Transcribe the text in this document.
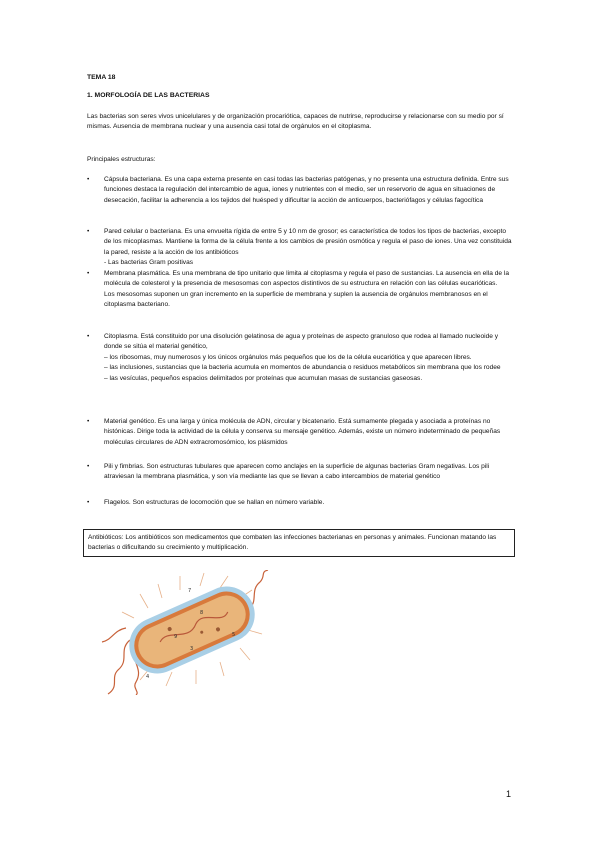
TEMA 18
1. MORFOLOGÍA DE LAS BACTERIAS
Las bacterias son seres vivos unicelulares y de organización procariótica, capaces de nutrirse, reproducirse y relacionarse con su medio por sí mismas. Ausencia de membrana nuclear y una ausencia casi total de orgánulos en el citoplasma.
Principales estructuras:
• Cápsula bacteriana. Es una capa externa presente en casi todas las bacterias patógenas, y no presenta una estructura definida. Entre sus funciones destaca la regulación del intercambio de agua, iones y nutrientes con el medio, ser un reservorio de agua en situaciones de desecación, facilitar la adherencia a los tejidos del huésped y dificultar la acción de anticuerpos, bacteriófagos y células fagocítica

• Pared celular o bacteriana. Es una envuelta rígida de entre 5 y 10 nm de grosor; es característica de todos los tipos de bacterias, excepto de los micoplasmas. Mantiene la forma de la célula frente a los cambios de presión osmótica y regula el paso de iones. Una vez constituida la pared, resiste a la acción de los antibióticos

- Las bacterias Gram positivas

• Membrana plasmática. Es una membrana de tipo unitario que limita al citoplasma y regula el paso de sustancias. La ausencia en ella de la molécula de colesterol y la presencia de mesosomas con aspectos distintivos de su estructura en relación con las células eucarióticas.

Los mesosomas suponen un gran incremento en la superficie de membrana y suplen la ausencia de orgánulos membranosos en el citoplasma bacteriano.

• Citoplasma. Está constituido por una disolución gelatinosa de agua y proteínas de aspecto granuloso que rodea al llamado nucleoide y donde se sitúa el material genético,

– los ribosomas, muy numerosos y los únicos orgánulos más pequeños que los de la célula eucariótica y que aparecen libres.

– las inclusiones, sustancias que la bacteria acumula en momentos de abundancia o residuos metabólicos sin membrana que los rodee

– las vesículas, pequeños espacios delimitados por proteínas que acumulan masas de sustancias gaseosas.

• Material genético. Es una larga y única molécula de ADN, circular y bicatenario. Está sumamente plegada y asociada a proteínas no histónicas. Dirige toda la actividad de la célula y conserva su mensaje genético. Además, existe un número indeterminado de pequeñas moléculas circulares de ADN extracromosómico, los plásmidos

• Pili y fimbrias. Son estructuras tubulares que aparecen como anclajes en la superficie de algunas bacterias Gram negativas. Los pili atraviesan la membrana plasmática, y son vía mediante las que se llevan a cabo intercambios de material genético

• Flagelos. Son estructuras de locomoción que se hallan en número variable.

Antibióticos: Los antibióticos son medicamentos que combaten las infecciones bacterianas en personas y animales. Funcionan matando las bacterias o dificultando su crecimiento y multiplicación.
7
8
9
3
5
4
1
